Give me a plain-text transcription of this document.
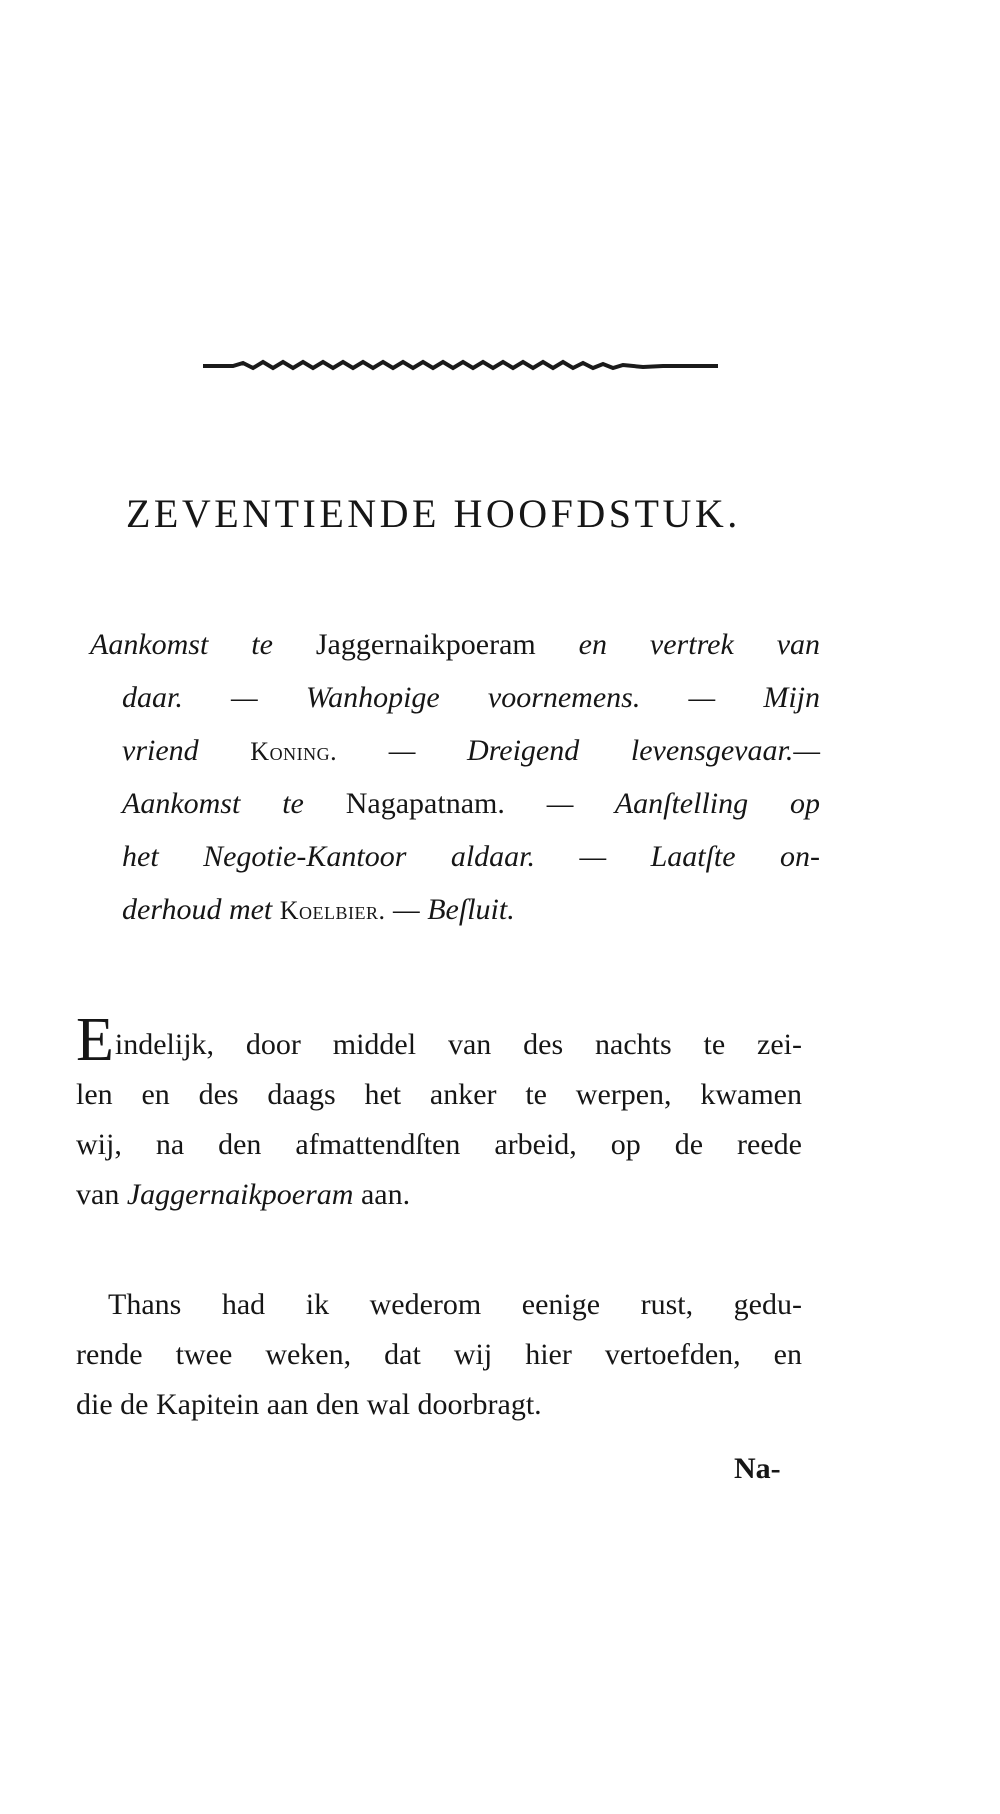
ZEVENTIENDE HOOFDSTUK.
Aankomst te Jaggernaikpoeram en vertrek van
daar. — Wanhopige voornemens. — Mijn
vriend Koning. — Dreigend levensgevaar.—
Aankomst te Nagapatnam. — Aanſtelling op
het Negotie-Kantoor aldaar. — Laatſte on-
derhoud met Koelbier. — Beſluit.
Eindelijk, door middel van des nachts te zei-
len en des daags het anker te werpen, kwamen
wij, na den afmattendſten arbeid, op de reede
van Jaggernaikpoeram aan.
Thans had ik wederom eenige rust, gedu-
rende twee weken, dat wij hier vertoefden, en
die de Kapitein aan den wal doorbragt.
Na-
